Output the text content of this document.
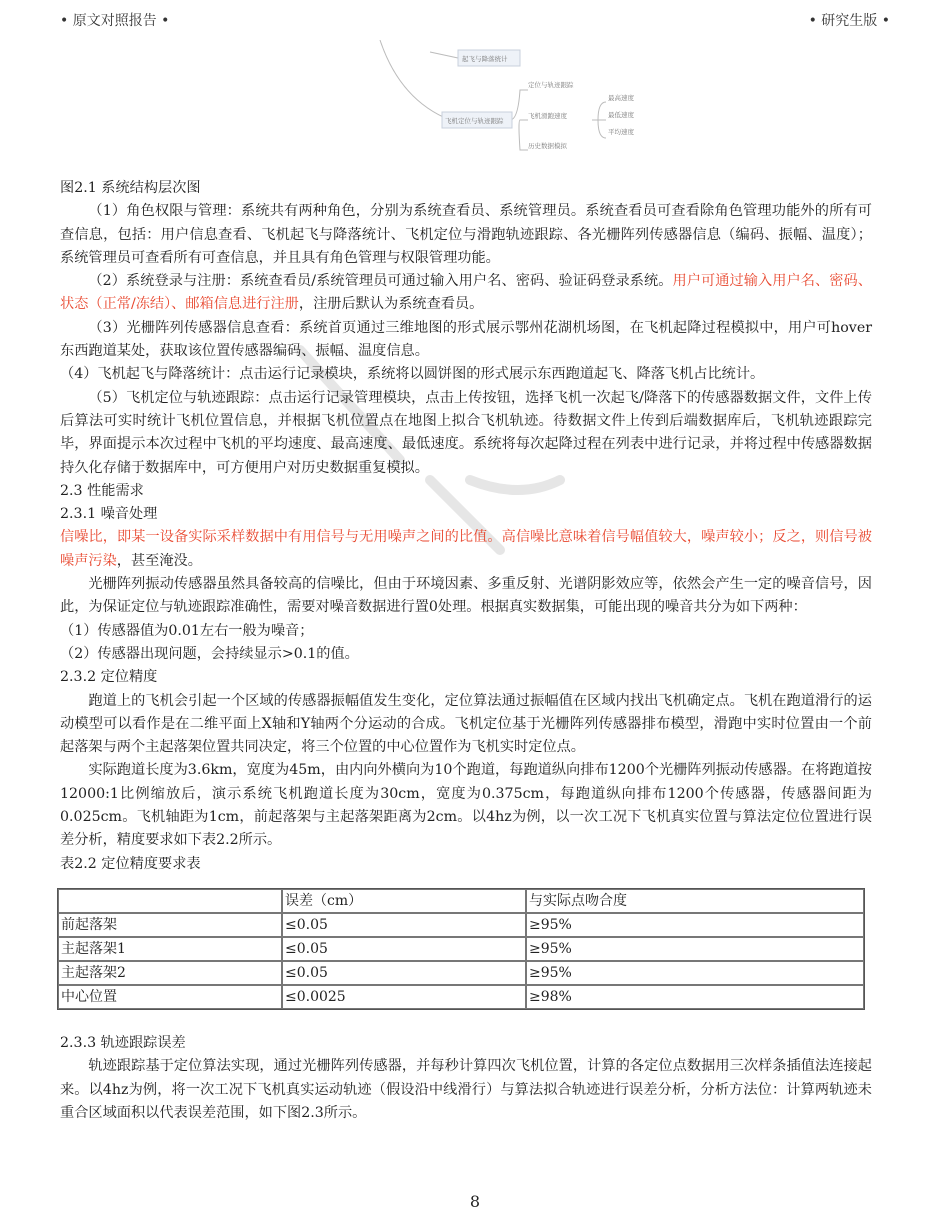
• 原文对照报告 •	• 研究生版 •
起飞与降落统计
飞机定位与轨迹跟踪
定位与轨迹跟踪
飞机滑跑速度
最高速度
最低速度
平均速度
历史数据模拟

图2.1 系统结构层次图

（1）角色权限与管理：系统共有两种角色，分别为系统查看员、系统管理员。系统查看员可查看除角色管理功能外的所有可查信息，包括：用户信息查看、飞机起飞与降落统计、飞机定位与滑跑轨迹跟踪、各光栅阵列传感器信息（编码、振幅、温度）；系统管理员可查看所有可查信息，并且具有角色管理与权限管理功能。

（2）系统登录与注册：系统查看员/系统管理员可通过输入用户名、密码、验证码登录系统。用户可通过输入用户名、密码、状态（正常/冻结）、邮箱信息进行注册，注册后默认为系统查看员。

（3）光栅阵列传感器信息查看：系统首页通过三维地图的形式展示鄂州花湖机场图，在飞机起降过程模拟中，用户可hover东西跑道某处，获取该位置传感器编码、振幅、温度信息。

（4）飞机起飞与降落统计：点击运行记录模块，系统将以圆饼图的形式展示东西跑道起飞、降落飞机占比统计。

（5）飞机定位与轨迹跟踪：点击运行记录管理模块，点击上传按钮，选择飞机一次起飞/降落下的传感器数据文件，文件上传后算法可实时统计飞机位置信息，并根据飞机位置点在地图上拟合飞机轨迹。待数据文件上传到后端数据库后，飞机轨迹跟踪完毕，界面提示本次过程中飞机的平均速度、最高速度、最低速度。系统将每次起降过程在列表中进行记录，并将过程中传感器数据持久化存储于数据库中，可方便用户对历史数据重复模拟。

2.3 性能需求

2.3.1 噪音处理

信噪比，即某一设备实际采样数据中有用信号与无用噪声之间的比值。高信噪比意味着信号幅值较大，噪声较小；反之，则信号被噪声污染，甚至淹没。

光栅阵列振动传感器虽然具备较高的信噪比，但由于环境因素、多重反射、光谱阴影效应等，依然会产生一定的噪音信号，因此，为保证定位与轨迹跟踪准确性，需要对噪音数据进行置0处理。根据真实数据集，可能出现的噪音共分为如下两种：

（1）传感器值为0.01左右一般为噪音；

（2）传感器出现问题，会持续显示>0.1的值。

2.3.2 定位精度

跑道上的飞机会引起一个区域的传感器振幅值发生变化，定位算法通过振幅值在区域内找出飞机确定点。飞机在跑道滑行的运动模型可以看作是在二维平面上X轴和Y轴两个分运动的合成。飞机定位基于光栅阵列传感器排布模型，滑跑中实时位置由一个前起落架与两个主起落架位置共同决定，将三个位置的中心位置作为飞机实时定位点。

实际跑道长度为3.6km，宽度为45m，由内向外横向为10个跑道，每跑道纵向排布1200个光栅阵列振动传感器。在将跑道按12000:1比例缩放后，演示系统飞机跑道长度为30cm，宽度为0.375cm，每跑道纵向排布1200个传感器，传感器间距为0.025cm。飞机轴距为1cm，前起落架与主起落架距离为2cm。以4hz为例，以一次工况下飞机真实位置与算法定位位置进行误差分析，精度要求如下表2.2所示。

表2.2 定位精度要求表

	误差（cm）	与实际点吻合度
前起落架	≤0.05	≥95%
主起落架1	≤0.05	≥95%
主起落架2	≤0.05	≥95%
中心位置	≤0.0025	≥98%

2.3.3 轨迹跟踪误差

轨迹跟踪基于定位算法实现，通过光栅阵列传感器，并每秒计算四次飞机位置，计算的各定位点数据用三次样条插值法连接起来。以4hz为例，将一次工况下飞机真实运动轨迹（假设沿中线滑行）与算法拟合轨迹进行误差分析，分析方法位：计算两轨迹未重合区域面积以代表误差范围，如下图2.3所示。

8
